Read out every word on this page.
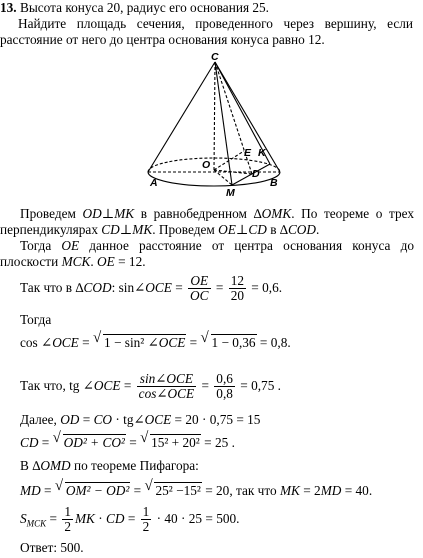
13. Высота конуса 20, радиус его основания 25.
Найдите площадь сечения, проведенного через вершину, если
расстояние от него до центра основания конуса равно 12.
C
O
E K
D
A
M
B
Проведем OD⊥MK в равнобедренном ∆OMK. По теореме о трех
перпендикулярах CD⊥MK. Проведем OE⊥CD в ∆COD.
Тогда OE данное расстояние от центра основания конуса до
плоскости MCK. OE = 12.
Так что в ∆COD: sin∠OCE = $\frac{OE}{OC} = \frac{12}{20} = 0,6$.
Тогда
cos ∠OCE = √ 1 − sin² ∠OCE = √ 1 − 0,36 = 0,8.
Так что, tg ∠OCE = $\frac{\text{sin∠OCE}}{\text{cos∠OCE}} = \frac{0,6}{0,8} = 0,75$ .
Далее, OD = CO · tg∠OCE = 20 · 0,75 = 15
CD = √ OD² + CO² = √ 15² + 20² = 25 .
В ∆OMD по теореме Пифагора:
MD = √ OM² − OD² = √ 25² −15² = 20, так что MK = 2MD = 40.
$S_{MCK} = \frac{1}{2}$ MK · CD = $\frac{1}{2} \cdot 40 \cdot 25 = 500$.
Ответ: 500.
